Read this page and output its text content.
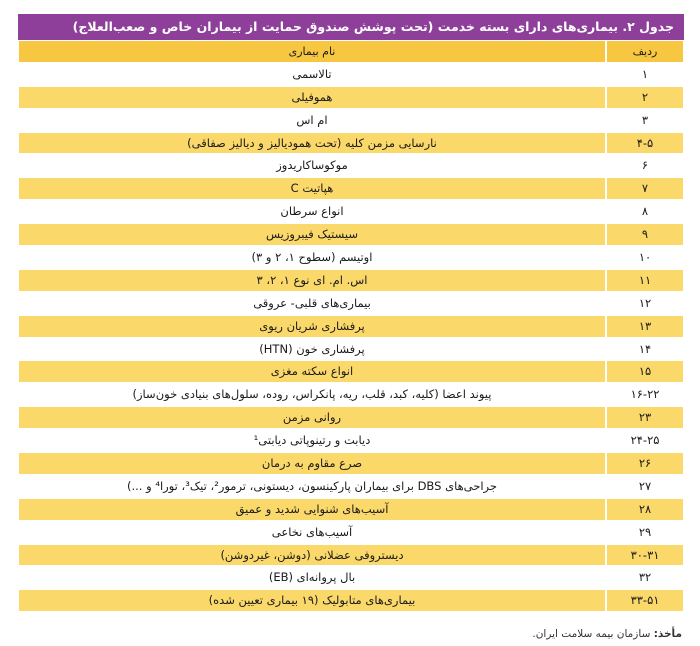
جدول ۲. بیماری‌های دارای بسته خدمت (تحت پوشش صندوق حمایت از بیماران خاص و صعب‌العلاج)
ردیف
نام بیماری
۱
تالاسمی
۲
هموفیلی
۳
ام اس
۴-۵
نارسایی مزمن کلیه (تحت همودیالیز و دیالیز صفاقی)
۶
موکوساکاریدوز
۷
هپاتیت C
۸
انواع سرطان
۹
سیستیک فیبروزیس
۱۰
اوتیسم (سطوح ۱، ۲ و ۳)
۱۱
اس. ام. ای نوع ۱، ۲، ۳
۱۲
بیماری‌های قلبی- عروقی
۱۳
پرفشاری شریان ریوی
۱۴
پرفشاری خون (HTN)
۱۵
انواع سکته مغزی
۱۶-۲۲
پیوند اعضا (کلیه، کبد، قلب، ریه، پانکراس، روده، سلول‌های بنیادی خون‌ساز)
۲۳
روانی مزمن
۲۴-۲۵
دیابت و رتینوپاتی دیابتی¹
۲۶
صرع مقاوم به درمان
۲۷
جراحی‌های DBS برای بیماران پارکینسون، دیستونی، ترمور²، تیک³، تورا⁴ و ...)
۲۸
آسیب‌های شنوایی شدید و عمیق
۲۹
آسیب‌های نخاعی
۳۰-۳۱
دیستروفی عضلانی (دوشن، غیردوشن)
۳۲
بال پروانه‌ای (EB)
۳۳-۵۱
بیماری‌های متابولیک (۱۹ بیماری تعیین شده)
مأخذ: سازمان بیمه سلامت ایران.
